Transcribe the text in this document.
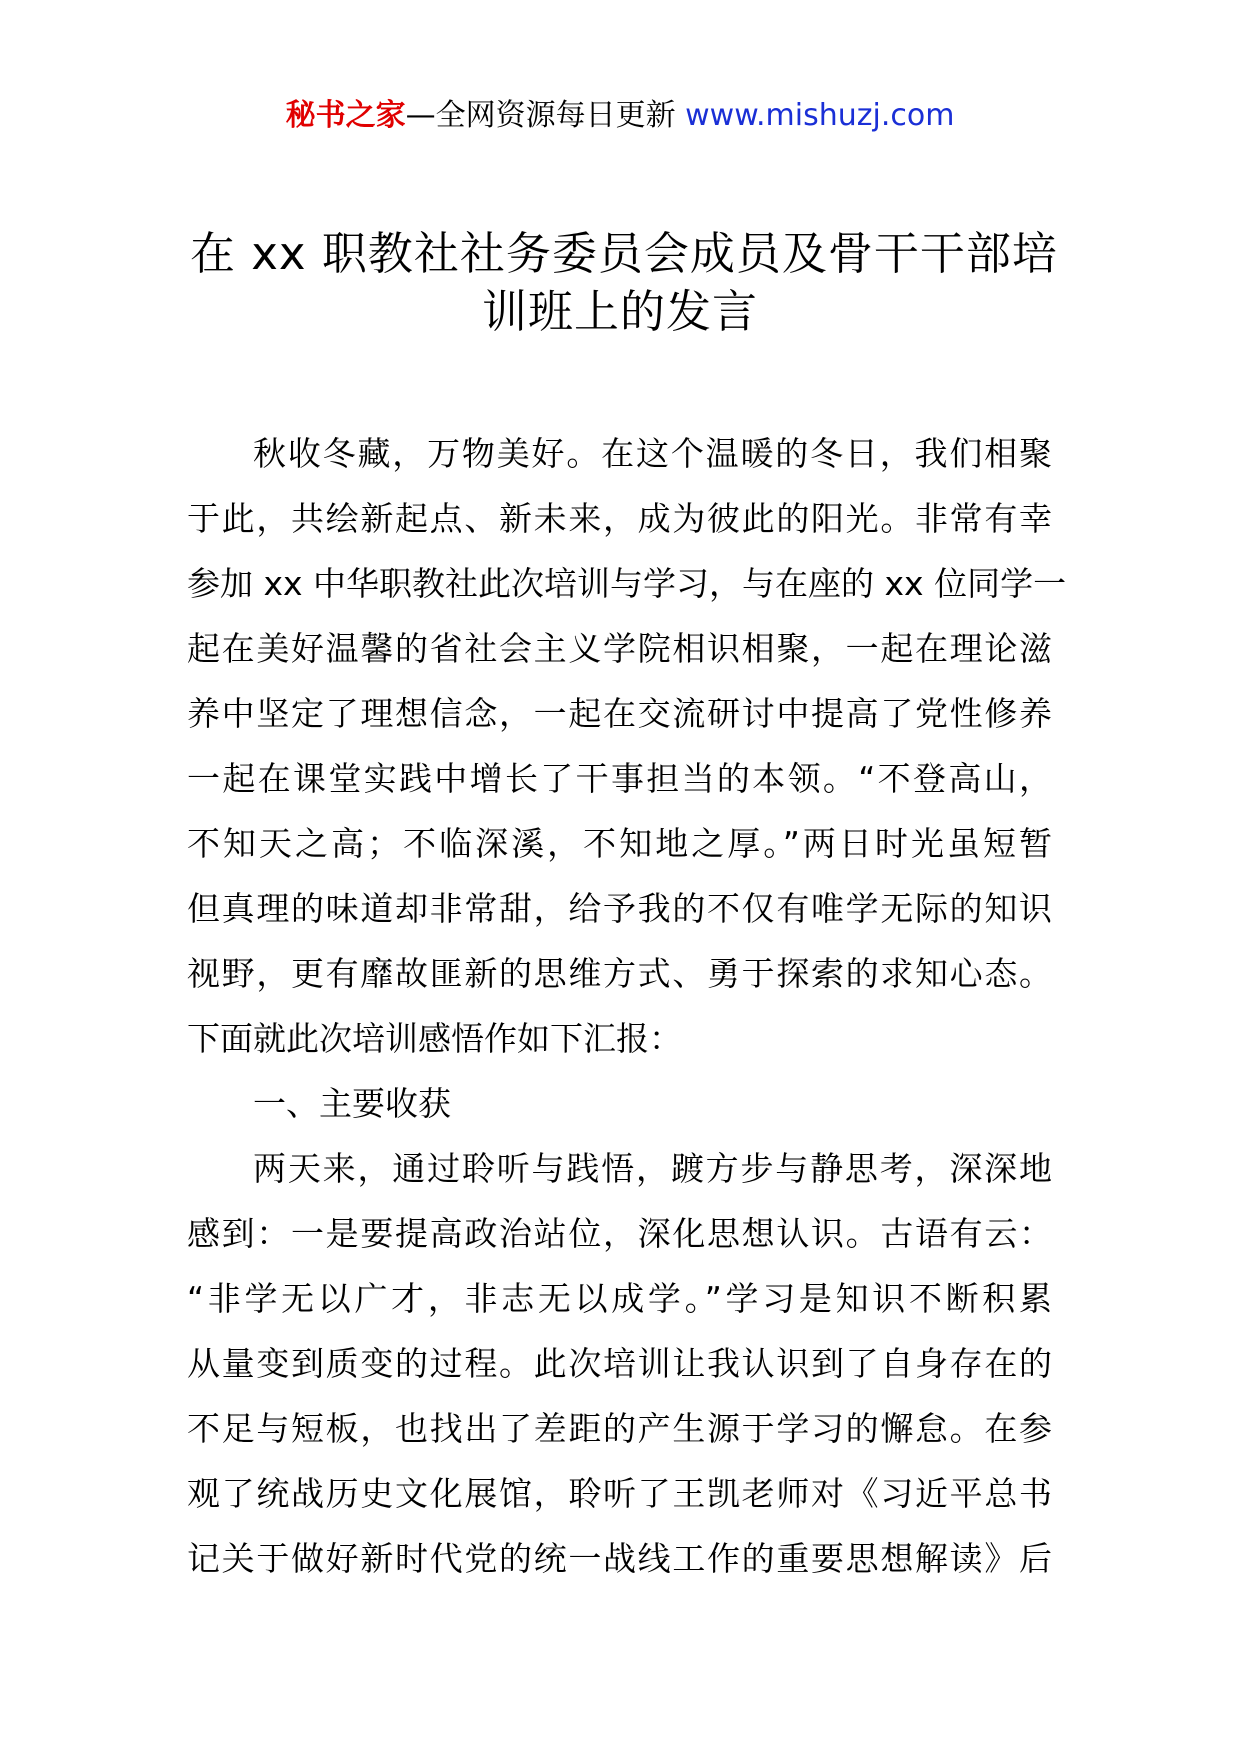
秘书之家—全网资源每日更新 www.mishuzj.com
在 xx 职教社社务委员会成员及骨干干部培
训班上的发言
秋收冬藏，万物美好。在这个温暖的冬日，我们相聚
于此，共绘新起点、新未来，成为彼此的阳光。非常有幸
参加 xx 中华职教社此次培训与学习，与在座的 xx 位同学一
起在美好温馨的省社会主义学院相识相聚，一起在理论滋
养中坚定了理想信念，一起在交流研讨中提高了党性修养
一起在课堂实践中增长了干事担当的本领。“不登高山，
不知天之高；不临深溪，不知地之厚。”两日时光虽短暂
但真理的味道却非常甜，给予我的不仅有唯学无际的知识
视野，更有靡故匪新的思维方式、勇于探索的求知心态。
下面就此次培训感悟作如下汇报：
一、主要收获
两天来，通过聆听与践悟，踱方步与静思考，深深地
感到：一是要提高政治站位，深化思想认识。古语有云：
“非学无以广才，非志无以成学。”学习是知识不断积累
从量变到质变的过程。此次培训让我认识到了自身存在的
不足与短板，也找出了差距的产生源于学习的懈怠。在参
观了统战历史文化展馆，聆听了王凯老师对《习近平总书
记关于做好新时代党的统一战线工作的重要思想解读》后
